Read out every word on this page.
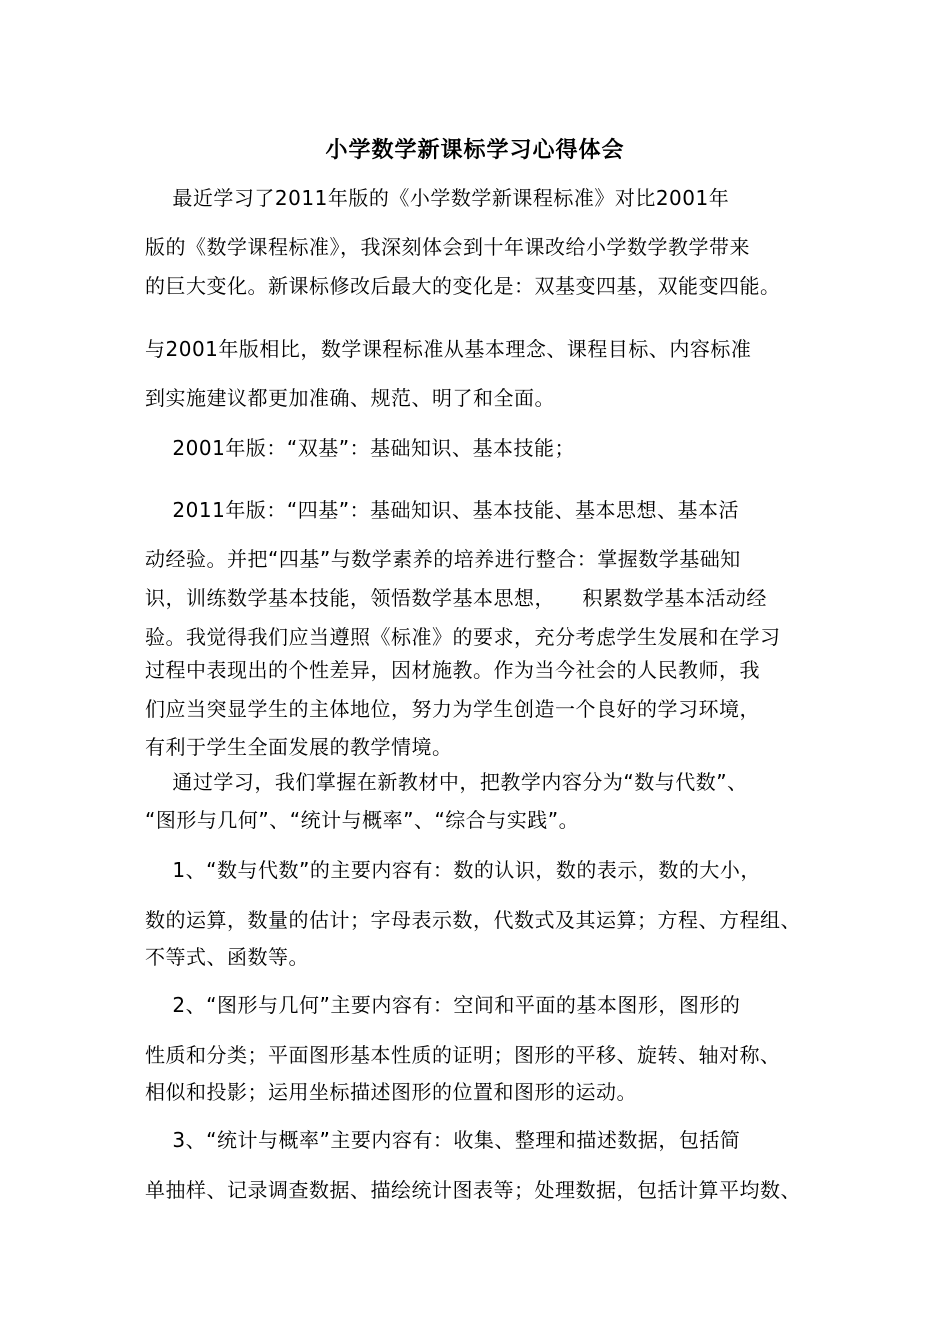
小学数学新课标学习心得体会
最近学习了2011年版的《小学数学新课程标准》对比2001年
版的《数学课程标准》，我深刻体会到十年课改给小学数学教学带来
的巨大变化。新课标修改后最大的变化是：双基变四基，双能变四能。
与2001年版相比，数学课程标准从基本理念、课程目标、内容标准
到实施建议都更加准确、规范、明了和全面。
2001年版：“双基”：基础知识、基本技能；
2011年版：“四基”：基础知识、基本技能、基本思想、基本活
动经验。并把“四基”与数学素养的培养进行整合：掌握数学基础知
识，训练数学基本技能，领悟数学基本思想，    积累数学基本活动经
验。我觉得我们应当遵照《标准》的要求，充分考虑学生发展和在学习
过程中表现出的个性差异，因材施教。作为当今社会的人民教师，我
们应当突显学生的主体地位，努力为学生创造一个良好的学习环境，
有利于学生全面发展的教学情境。
通过学习，我们掌握在新教材中，把教学内容分为“数与代数”、
“图形与几何”、“统计与概率”、“综合与实践”。
1、“数与代数”的主要内容有：数的认识，数的表示，数的大小，
数的运算，数量的估计；字母表示数，代数式及其运算；方程、方程组、
不等式、函数等。
2、“图形与几何”主要内容有：空间和平面的基本图形，图形的
性质和分类；平面图形基本性质的证明；图形的平移、旋转、轴对称、
相似和投影；运用坐标描述图形的位置和图形的运动。
3、“统计与概率”主要内容有：收集、整理和描述数据，包括简
单抽样、记录调查数据、描绘统计图表等；处理数据，包括计算平均数、
